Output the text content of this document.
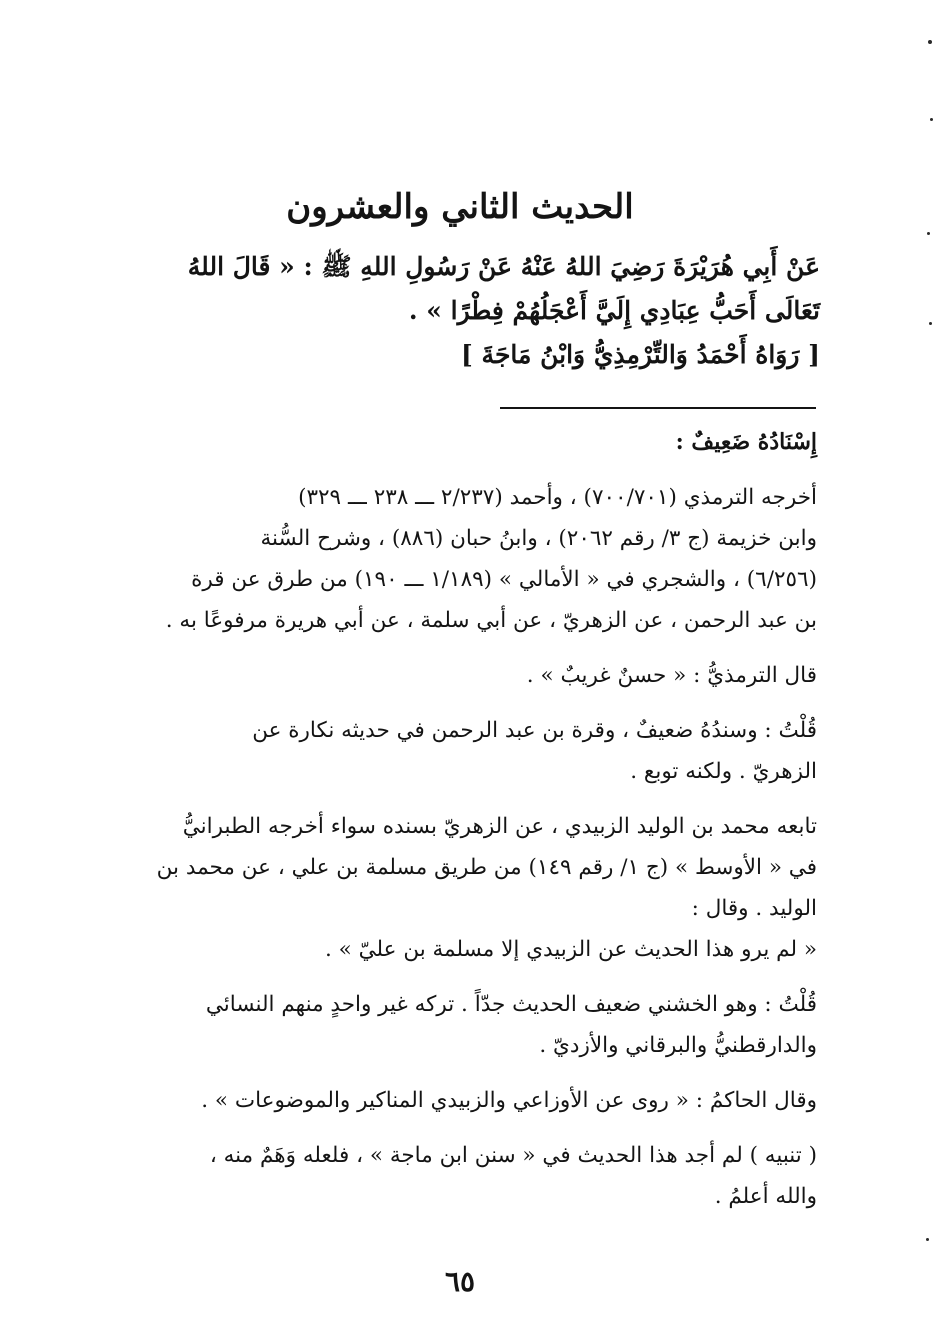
الحديث الثاني والعشرون

عَنْ أَبِي هُرَيْرَةَ رَضِيَ اللهُ عَنْهُ عَنْ رَسُولِ اللهِ ﷺ : « قَالَ اللهُ

تَعَالَى أَحَبُّ عِبَادِي إِلَيَّ أَعْجَلُهُمْ فِطْرًا » .

[ رَوَاهُ أَحْمَدُ وَالتِّرْمِذِيُّ وَابْنُ مَاجَةَ ]

إِسْنَادُهُ ضَعِيفٌ :

أخرجه الترمذي (٧٠٠/٧٠١) ، وأحمد (٢/٢٣٧ ـــ ٢٣٨ ـــ ٣٢٩)

وابن خزيمة (ج ٣/ رقم ٢٠٦٢) ، وابنُ حبان (٨٨٦) ، وشرح السُّنة

(٦/٢٥٦) ، والشجري في « الأمالي » (١/١٨٩ ـــ ١٩٠) من طرق عن قرة

بن عبد الرحمن ، عن الزهريّ ، عن أبي سلمة ، عن أبي هريرة مرفوعًا به .

قال الترمذيُّ : « حسنٌ غريبٌ » .

قُلْتُ : وسندُهُ ضعيفٌ ، وقرة بن عبد الرحمن في حديثه نكارة عن

الزهريّ . ولكنه توبع .

تابعه محمد بن الوليد الزبيدي ، عن الزهريّ بسنده سواء أخرجه الطبرانيُّ

في « الأوسط » (ج ١/ رقم ١٤٩) من طريق مسلمة بن علي ، عن محمد بن

الوليد . وقال :

« لم يرو هذا الحديث عن الزبيدي إلا مسلمة بن عليّ » .

قُلْتُ : وهو الخشني ضعيف الحديث جدّاً . تركه غير واحدٍ منهم النسائي

والدارقطنيُّ والبرقاني والأزديّ .

وقال الحاكمُ : « روى عن الأوزاعي والزبيدي المناكير والموضوعات » .

( تنبيه ) لم أجد هذا الحديث في « سنن ابن ماجة » ، فلعله وَهَمٌ منه ،

والله أعلمُ .

٦٥
